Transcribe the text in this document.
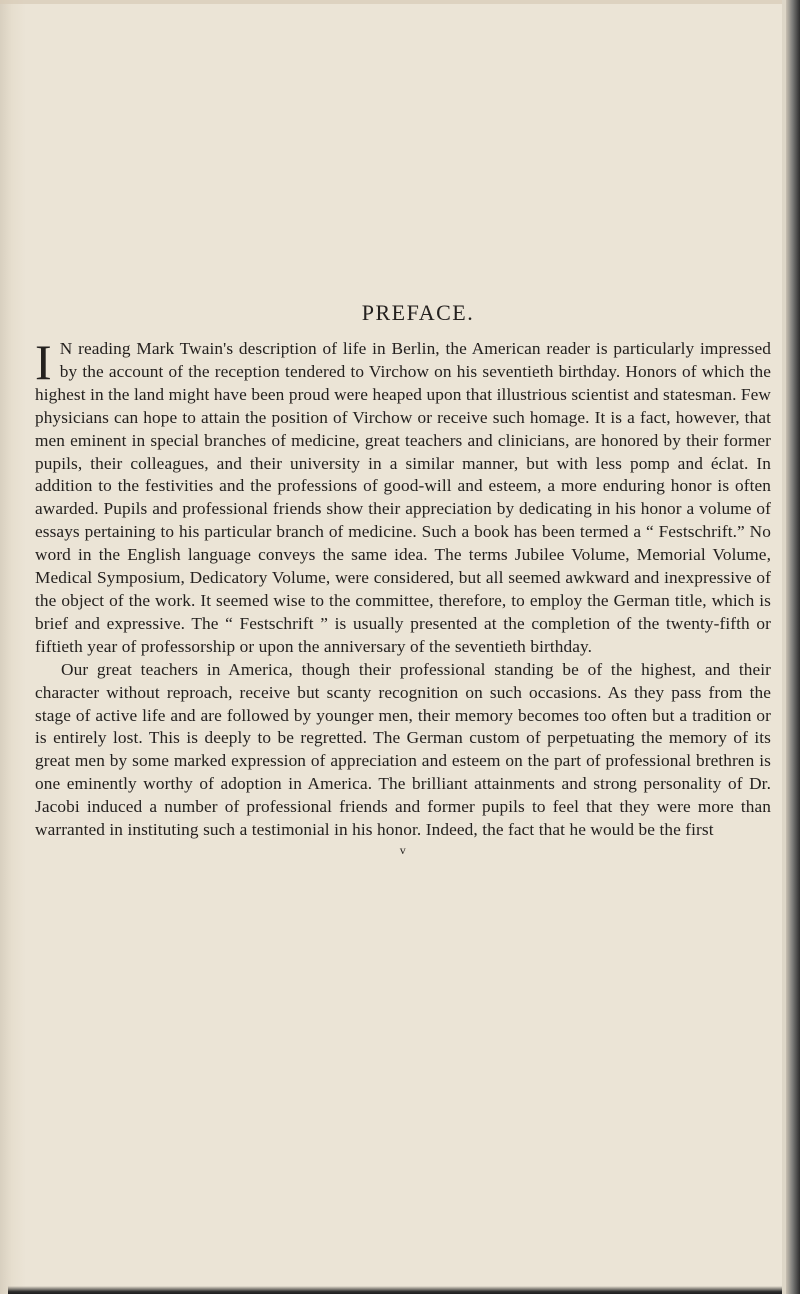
PREFACE.

I N reading Mark Twain's description of life in Berlin, the American reader is particularly impressed by the account of the reception tendered to Virchow on his seventieth birthday. Honors of which the highest in the land might have been proud were heaped upon that illustrious scientist and statesman. Few physicians can hope to attain the position of Virchow or receive such homage. It is a fact, however, that men eminent in special branches of medicine, great teachers and clinicians, are honored by their former pupils, their colleagues, and their university in a similar manner, but with less pomp and éclat. In addition to the festivities and the professions of good-will and esteem, a more enduring honor is often awarded. Pupils and professional friends show their appreciation by dedicating in his honor a volume of essays pertaining to his particular branch of medicine. Such a book has been termed a “ Festschrift.” No word in the English language conveys the same idea. The terms Jubilee Volume, Memorial Volume, Medical Symposium, Dedicatory Volume, were considered, but all seemed awkward and inexpressive of the object of the work. It seemed wise to the committee, therefore, to employ the German title, which is brief and expressive. The “ Festschrift ” is usually presented at the completion of the twenty-fifth or fiftieth year of professorship or upon the anniversary of the seventieth birthday.

Our great teachers in America, though their professional standing be of the highest, and their character without reproach, receive but scanty recognition on such occasions. As they pass from the stage of active life and are followed by younger men, their memory becomes too often but a tradition or is entirely lost. This is deeply to be regretted. The German custom of perpetuating the memory of its great men by some marked expression of appreciation and esteem on the part of professional brethren is one eminently worthy of adoption in America. The brilliant attainments and strong personality of Dr. Jacobi induced a number of professional friends and former pupils to feel that they were more than warranted in instituting such a testimonial in his honor. Indeed, the fact that he would be the first

v
